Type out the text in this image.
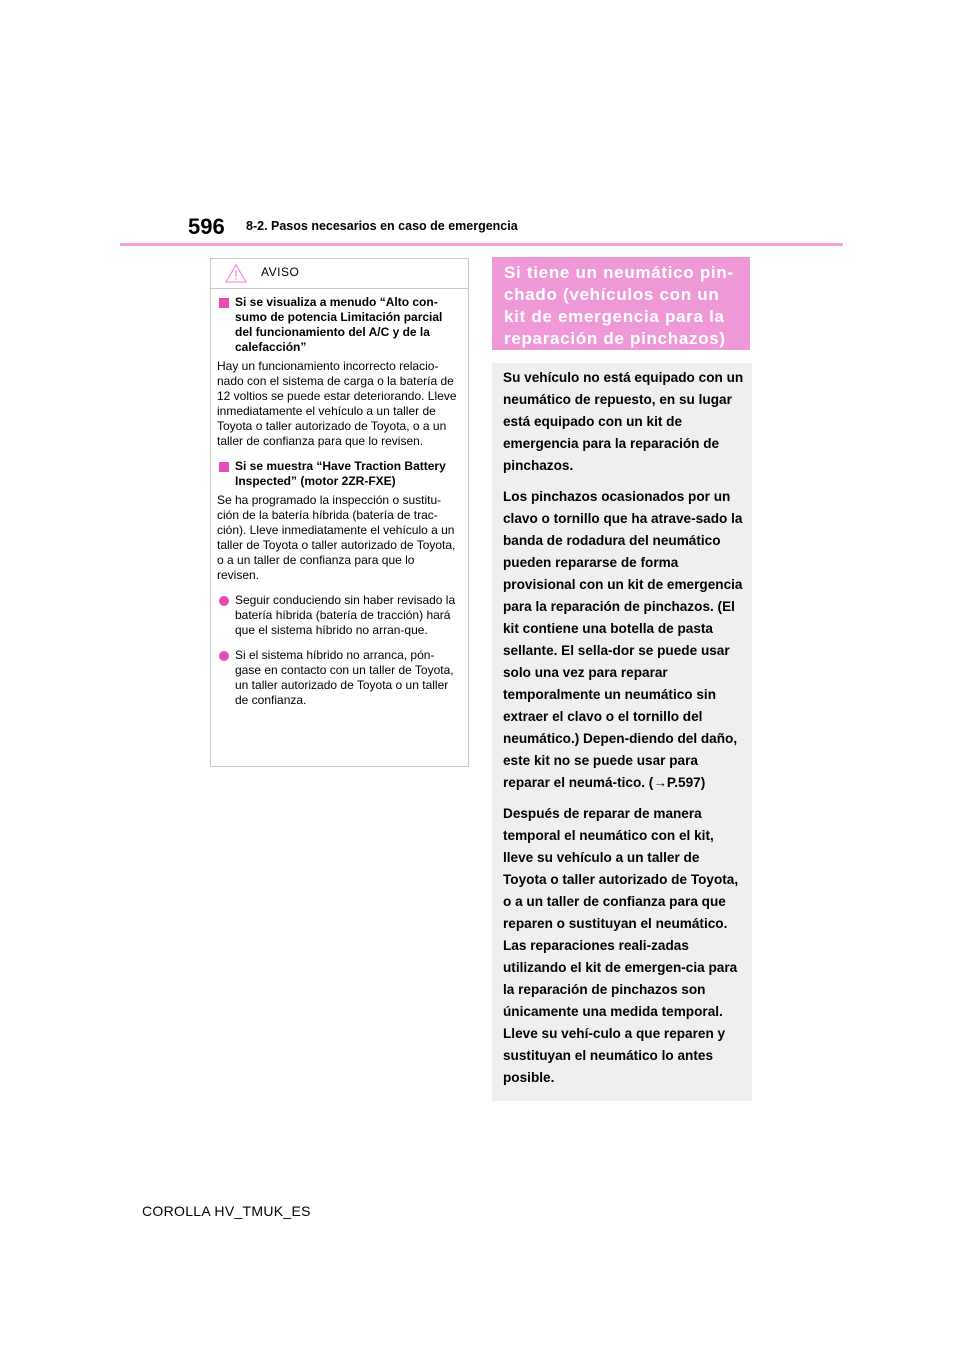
596 8-2. Pasos necesarios en caso de emergencia
AVISO
Si se visualiza a menudo “Alto con-sumo de potencia Limitación parcial del funcionamiento del A/C y de la calefacción”

Hay un funcionamiento incorrecto relacio-nado con el sistema de carga o la batería de 12 voltios se puede estar deteriorando. Lleve inmediatamente el vehículo a un taller de Toyota o taller autorizado de Toyota, o a un taller de confianza para que lo revisen.

Si se muestra “Have Traction Battery Inspected” (motor 2ZR-FXE)

Se ha programado la inspección o sustitu-ción de la batería híbrida (batería de trac-ción). Lleve inmediatamente el vehículo a un taller de Toyota o taller autorizado de Toyota, o a un taller de confianza para que lo revisen.

Seguir conduciendo sin haber revisado la batería híbrida (batería de tracción) hará que el sistema híbrido no arran-que.
Si el sistema híbrido no arranca, pón-gase en contacto con un taller de Toyota, un taller autorizado de Toyota o un taller de confianza.

Si tiene un neumático pin-chado (vehículos con un kit de emergencia para la reparación de pinchazos)

Su vehículo no está equipado con un neumático de repuesto, en su lugar está equipado con un kit de emergencia para la reparación de pinchazos.

Los pinchazos ocasionados por un clavo o tornillo que ha atrave-sado la banda de rodadura del neumático pueden repararse de forma provisional con un kit de emergencia para la reparación de pinchazos. (El kit contiene una botella de pasta sellante. El sella-dor se puede usar solo una vez para reparar temporalmente un neumático sin extraer el clavo o el tornillo del neumático.) Depen-diendo del daño, este kit no se puede usar para reparar el neumá-tico. (→P.597)

Después de reparar de manera temporal el neumático con el kit, lleve su vehículo a un taller de Toyota o taller autorizado de Toyota, o a un taller de confianza para que reparen o sustituyan el neumático. Las reparaciones reali-zadas utilizando el kit de emergen-cia para la reparación de pinchazos son únicamente una medida temporal. Lleve su vehí-culo a que reparen y sustituyan el neumático lo antes posible.

COROLLA HV_TMUK_ES
